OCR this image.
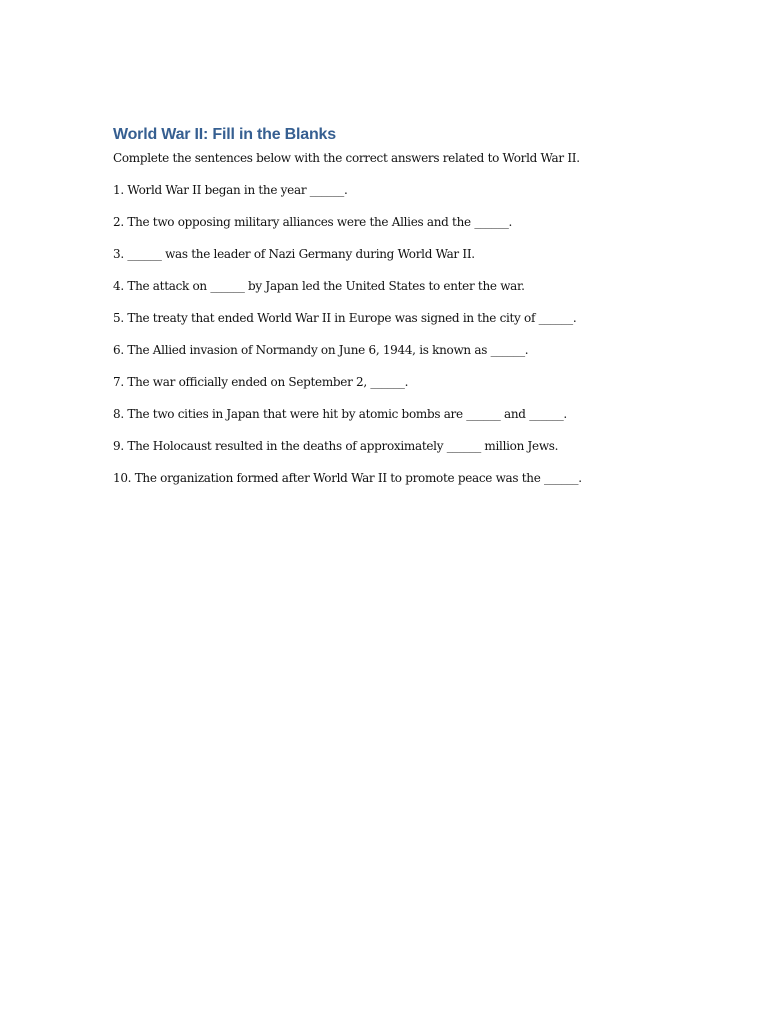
World War II: Fill in the Blanks

Complete the sentences below with the correct answers related to World War II.

1. World War II began in the year ______.
2. The two opposing military alliances were the Allies and the ______.
3. ______ was the leader of Nazi Germany during World War II.
4. The attack on ______ by Japan led the United States to enter the war.
5. The treaty that ended World War II in Europe was signed in the city of ______.
6. The Allied invasion of Normandy on June 6, 1944, is known as ______.
7. The war officially ended on September 2, ______.
8. The two cities in Japan that were hit by atomic bombs are ______ and ______.
9. The Holocaust resulted in the deaths of approximately ______ million Jews.
10. The organization formed after World War II to promote peace was the ______.
